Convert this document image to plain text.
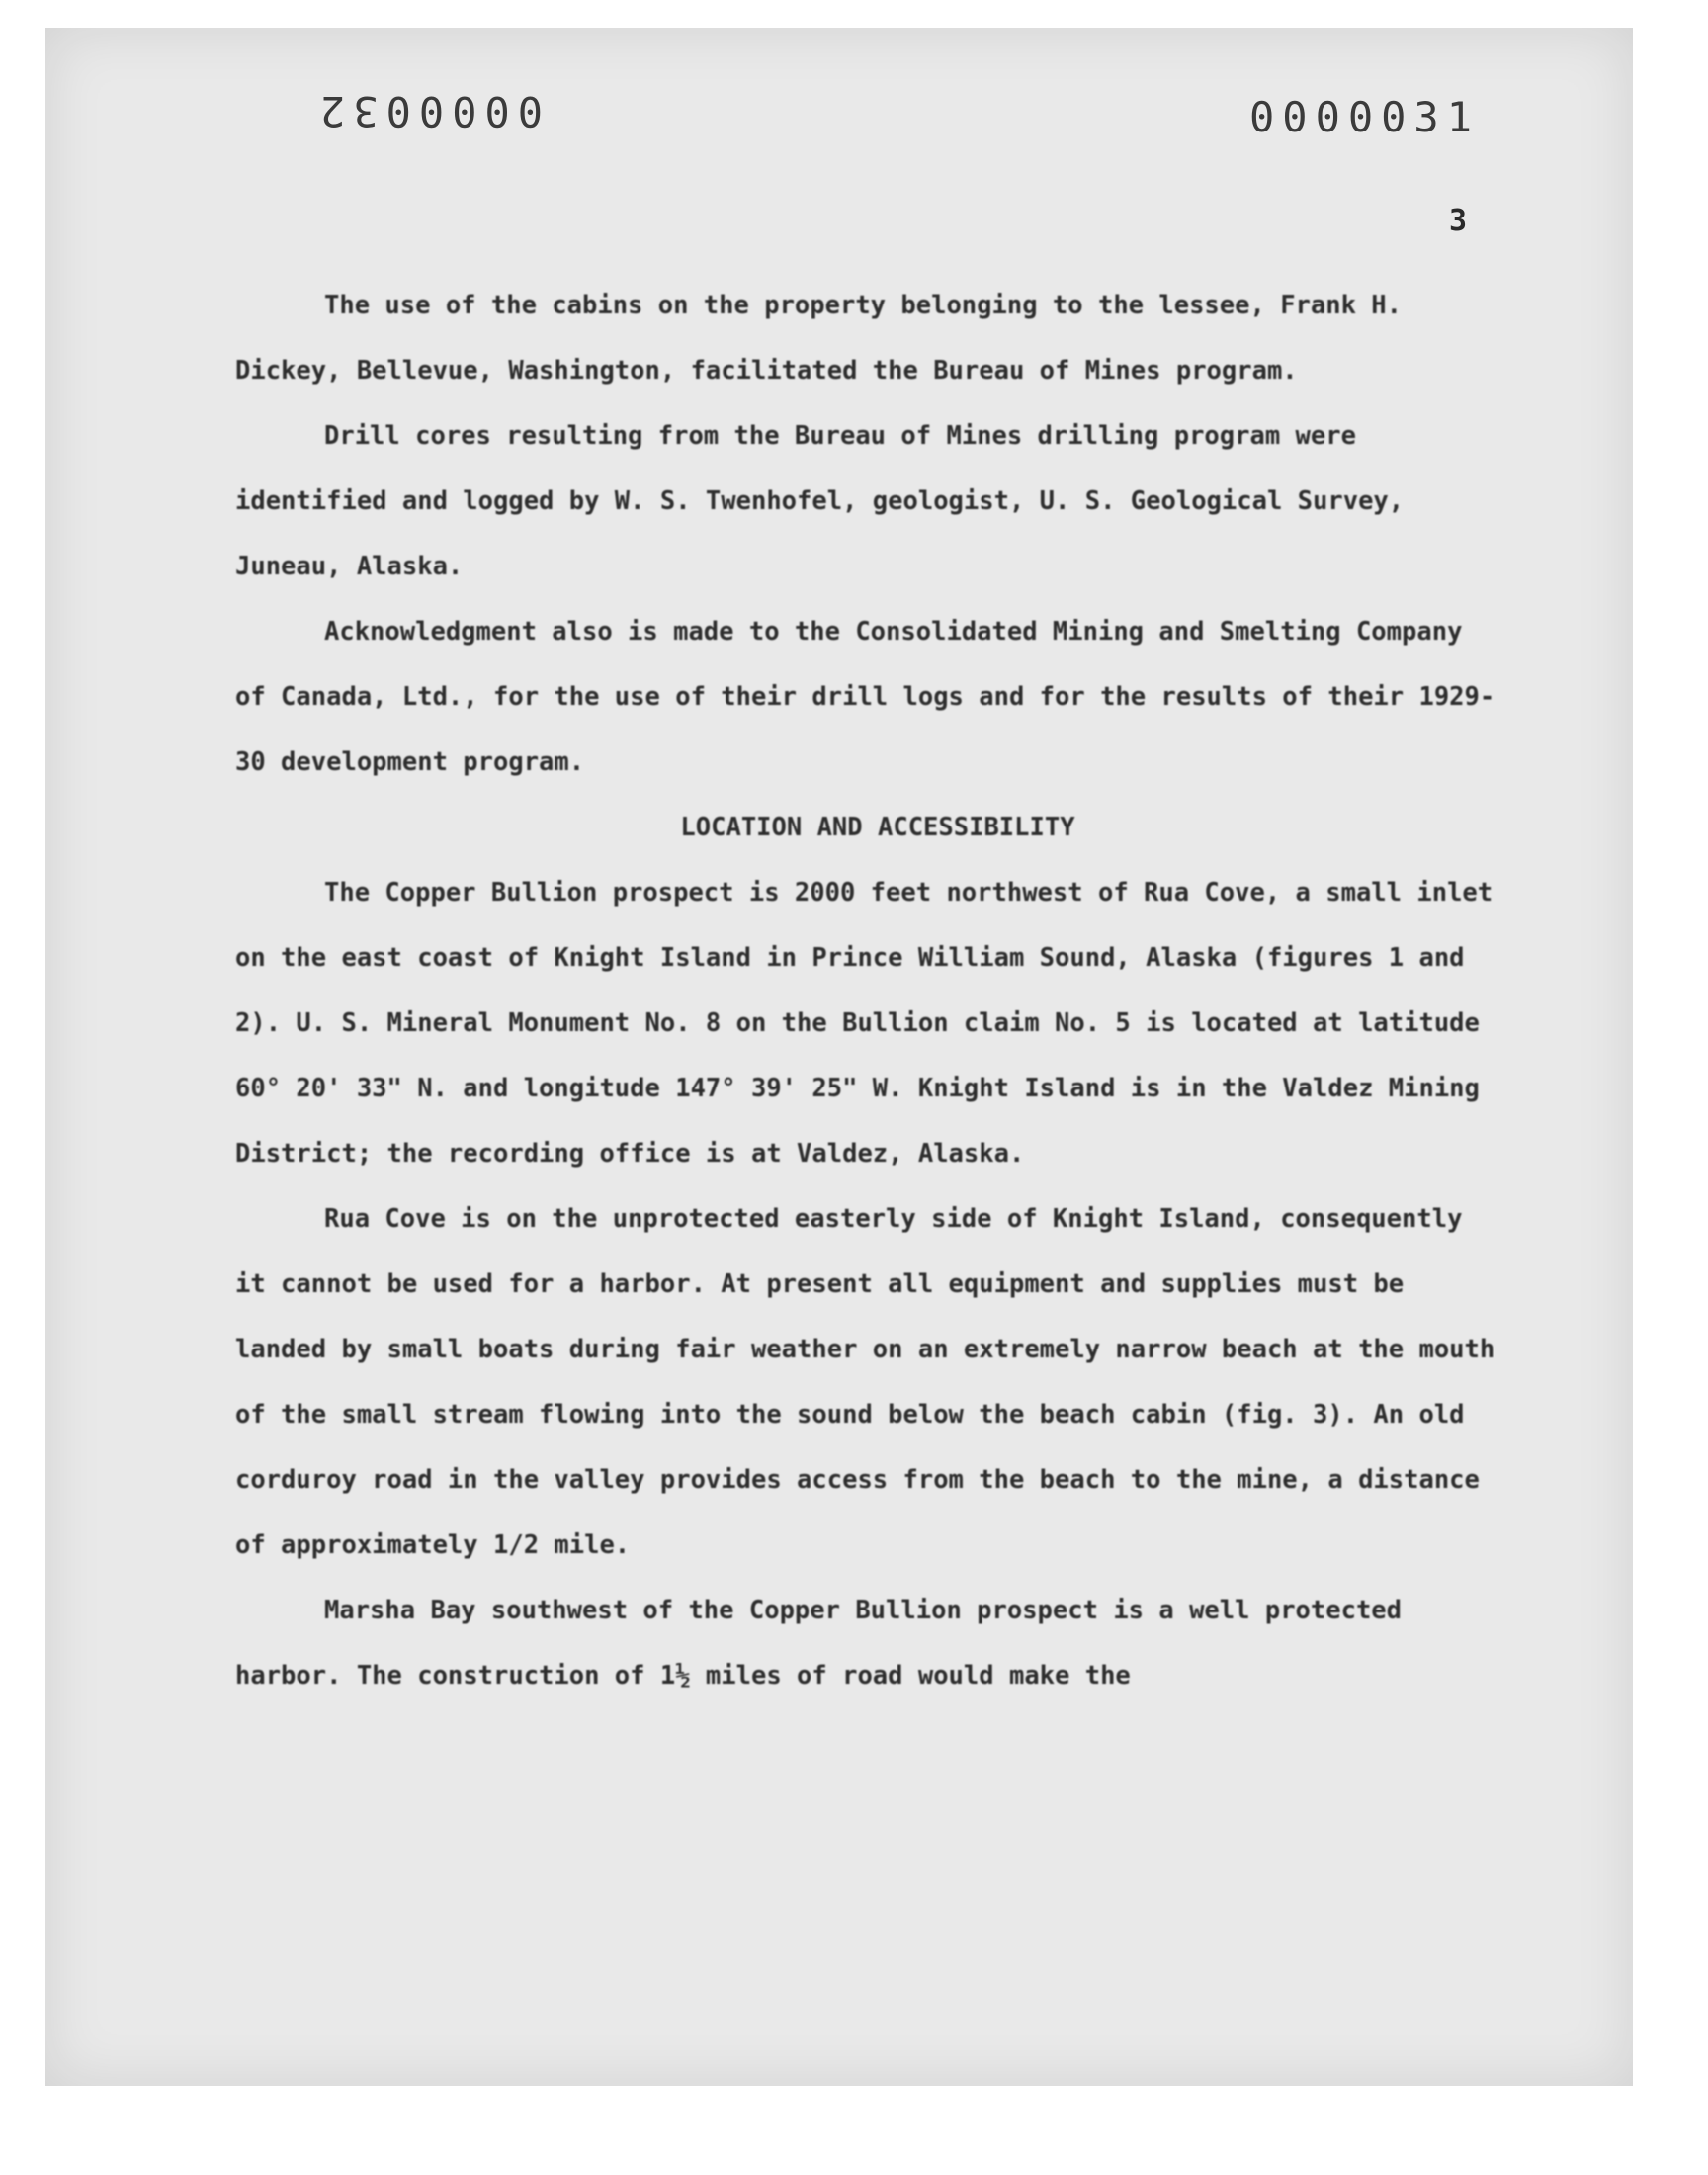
0000032	0000031
3

The use of the cabins on the property belonging to the lessee, Frank H. Dickey, Bellevue, Washington, facilitated the Bureau of Mines program.

Drill cores resulting from the Bureau of Mines drilling program were identified and logged by W. S. Twenhofel, geologist, U. S. Geological Survey, Juneau, Alaska.

Acknowledgment also is made to the Consolidated Mining and Smelting Company of Canada, Ltd., for the use of their drill logs and for the results of their 1929-30 development program.

LOCATION AND ACCESSIBILITY

The Copper Bullion prospect is 2000 feet northwest of Rua Cove, a small inlet on the east coast of Knight Island in Prince William Sound, Alaska (figures 1 and 2). U. S. Mineral Monument No. 8 on the Bullion claim No. 5 is located at latitude 60° 20' 33" N. and longitude 147° 39' 25" W. Knight Island is in the Valdez Mining District; the recording office is at Valdez, Alaska.

Rua Cove is on the unprotected easterly side of Knight Island, consequently it cannot be used for a harbor. At present all equipment and supplies must be landed by small boats during fair weather on an extremely narrow beach at the mouth of the small stream flowing into the sound below the beach cabin (fig. 3). An old corduroy road in the valley provides access from the beach to the mine, a distance of approximately 1/2 mile.

Marsha Bay southwest of the Copper Bullion prospect is a well protected harbor. The construction of 1½ miles of road would make the
